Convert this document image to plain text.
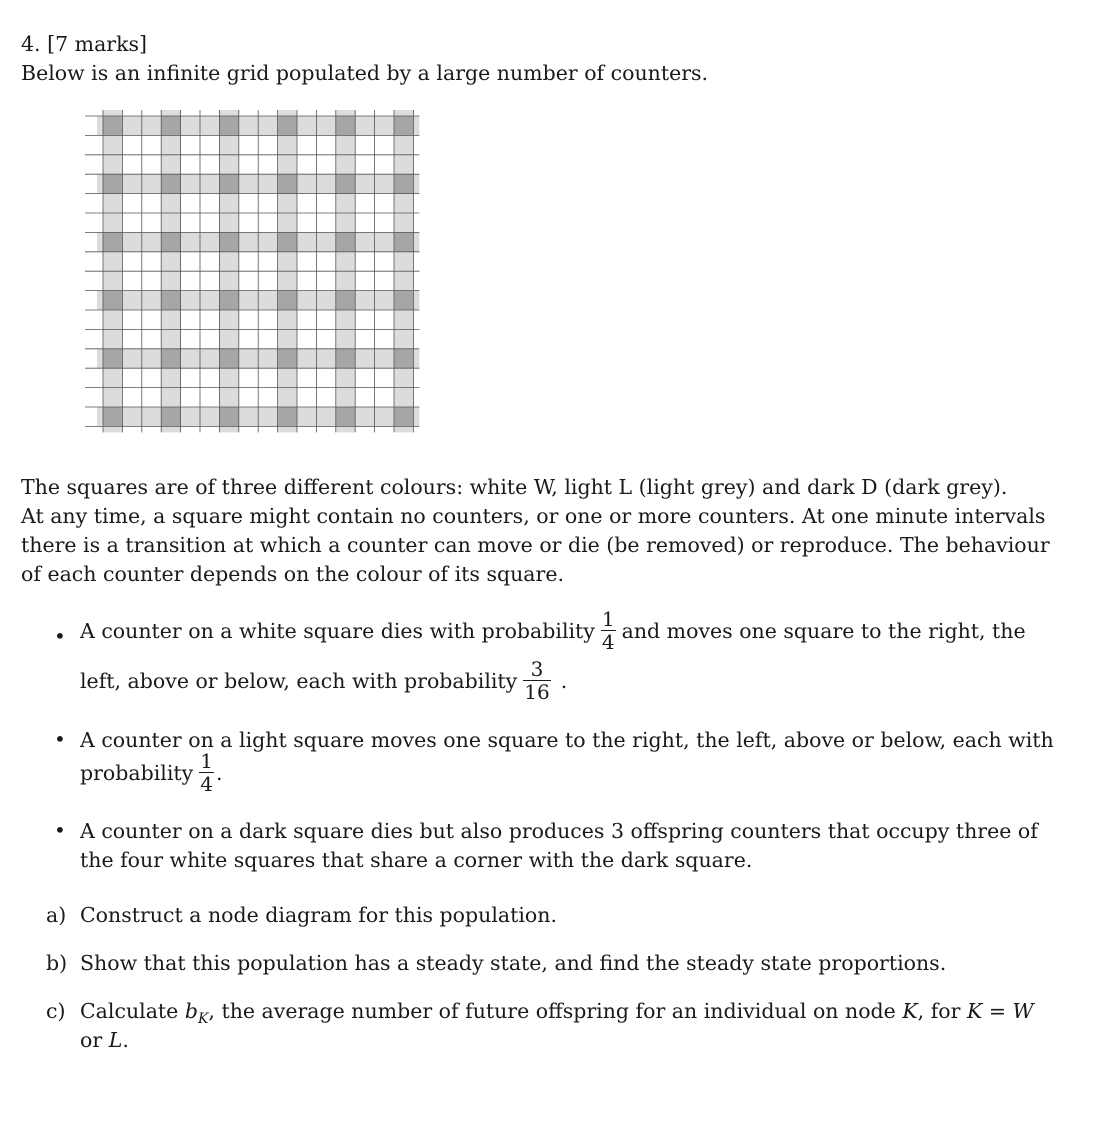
4. [7 marks]
Below is an infinite grid populated by a large number of counters.
The squares are of three different colours: white W, light L (light grey) and dark D (dark grey).
At any time, a square might contain no counters, or one or more counters. At one minute intervals
there is a transition at which a counter can move or die (be removed) or reproduce. The behaviour
of each counter depends on the colour of its square.
• A counter on a white square dies with probability $\frac{1}{4}$ and moves one square to the right, the
left, above or below, each with probability $\frac{3}{16}$ .
• A counter on a light square moves one square to the right, the left, above or below, each with
probability $\frac{1}{4}$ .
• A counter on a dark square dies but also produces 3 offspring counters that occupy three of
the four white squares that share a corner with the dark square.
a) Construct a node diagram for this population.
b) Show that this population has a steady state, and find the steady state proportions.
c) Calculate $b_K$, the average number of future offspring for an individual on node K, for K = W
or L.
